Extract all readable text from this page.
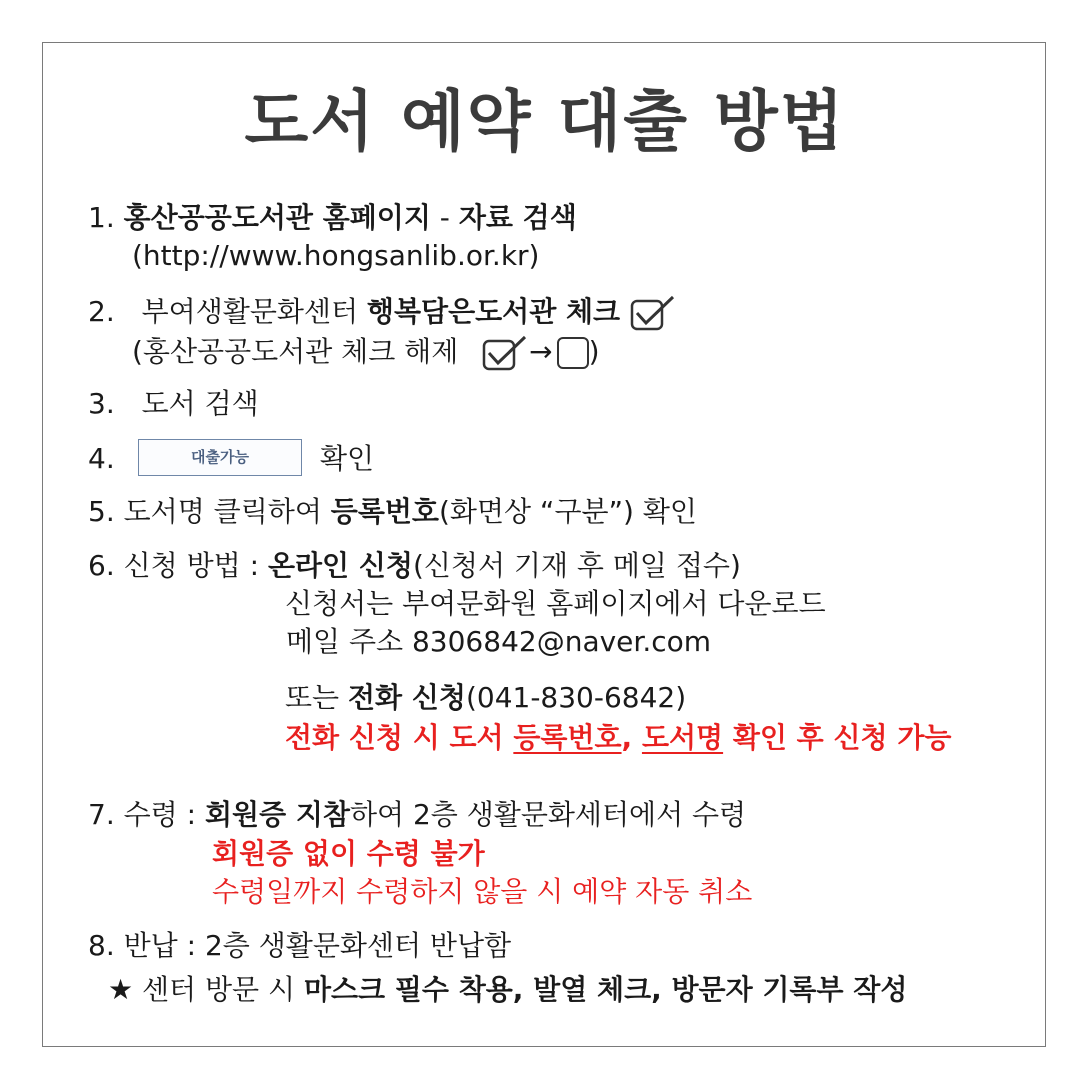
도서 예약 대출 방법
1. 홍산공공도서관 홈페이지 - 자료 검색
(http://www.hongsanlib.or.kr)
2. 부여생활문화센터 행복담은도서관 체크
(홍산공공도서관 체크 해제	→ )
3. 도서 검색
4.	대출가능	확인
5. 도서명 클릭하여 등록번호(화면상 “구분”) 확인
6. 신청 방법 : 온라인 신청(신청서 기재 후 메일 접수)
신청서는 부여문화원 홈페이지에서 다운로드
메일 주소 8306842@naver.com
또는 전화 신청(041-830-6842)
전화 신청 시 도서 등록번호, 도서명 확인 후 신청 가능
7. 수령 : 회원증 지참하여 2층 생활문화세터에서 수령
회원증 없이 수령 불가
수령일까지 수령하지 않을 시 예약 자동 취소
8. 반납 : 2층 생활문화센터 반납함
★ 센터 방문 시 마스크 필수 착용, 발열 체크, 방문자 기록부 작성
